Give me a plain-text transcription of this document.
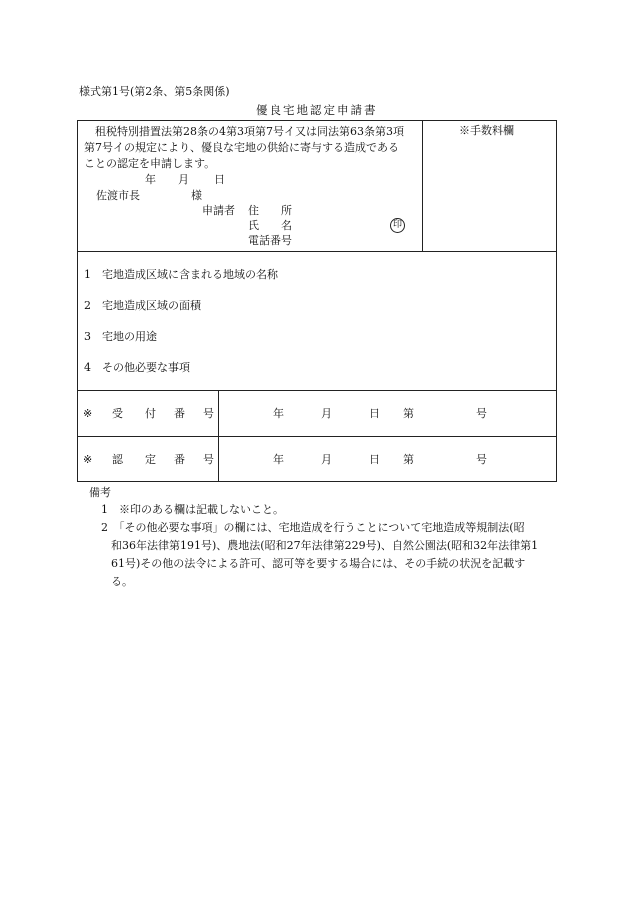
様式第1号(第2条、第5条関係)
優良宅地認定申請書
※手数料欄
　租税特別措置法第28条の4第3項第7号イ又は同法第63条第3項
第7号イの規定により、優良な宅地の供給に寄与する造成である
ことの認定を申請します。
年 月 日
佐渡市長	様
申請者 住　　所
氏　　名	印
電話番号
1　宅地造成区域に含まれる地域の名称
2　宅地造成区域の面積
3　宅地の用途
4　その他必要な事項
※ 受 付 番 号	年	月	日 第	号
※ 認 定 番 号	年	月	日 第	号
備考
1　※印のある欄は記載しないこと。
2　「その他必要な事項」の欄には、宅地造成を行うことについて宅地造成等規制法(昭
和36年法律第191号)、農地法(昭和27年法律第229号)、自然公園法(昭和32年法律第1
61号)その他の法令による許可、認可等を要する場合には、その手続の状況を記載す
る。
